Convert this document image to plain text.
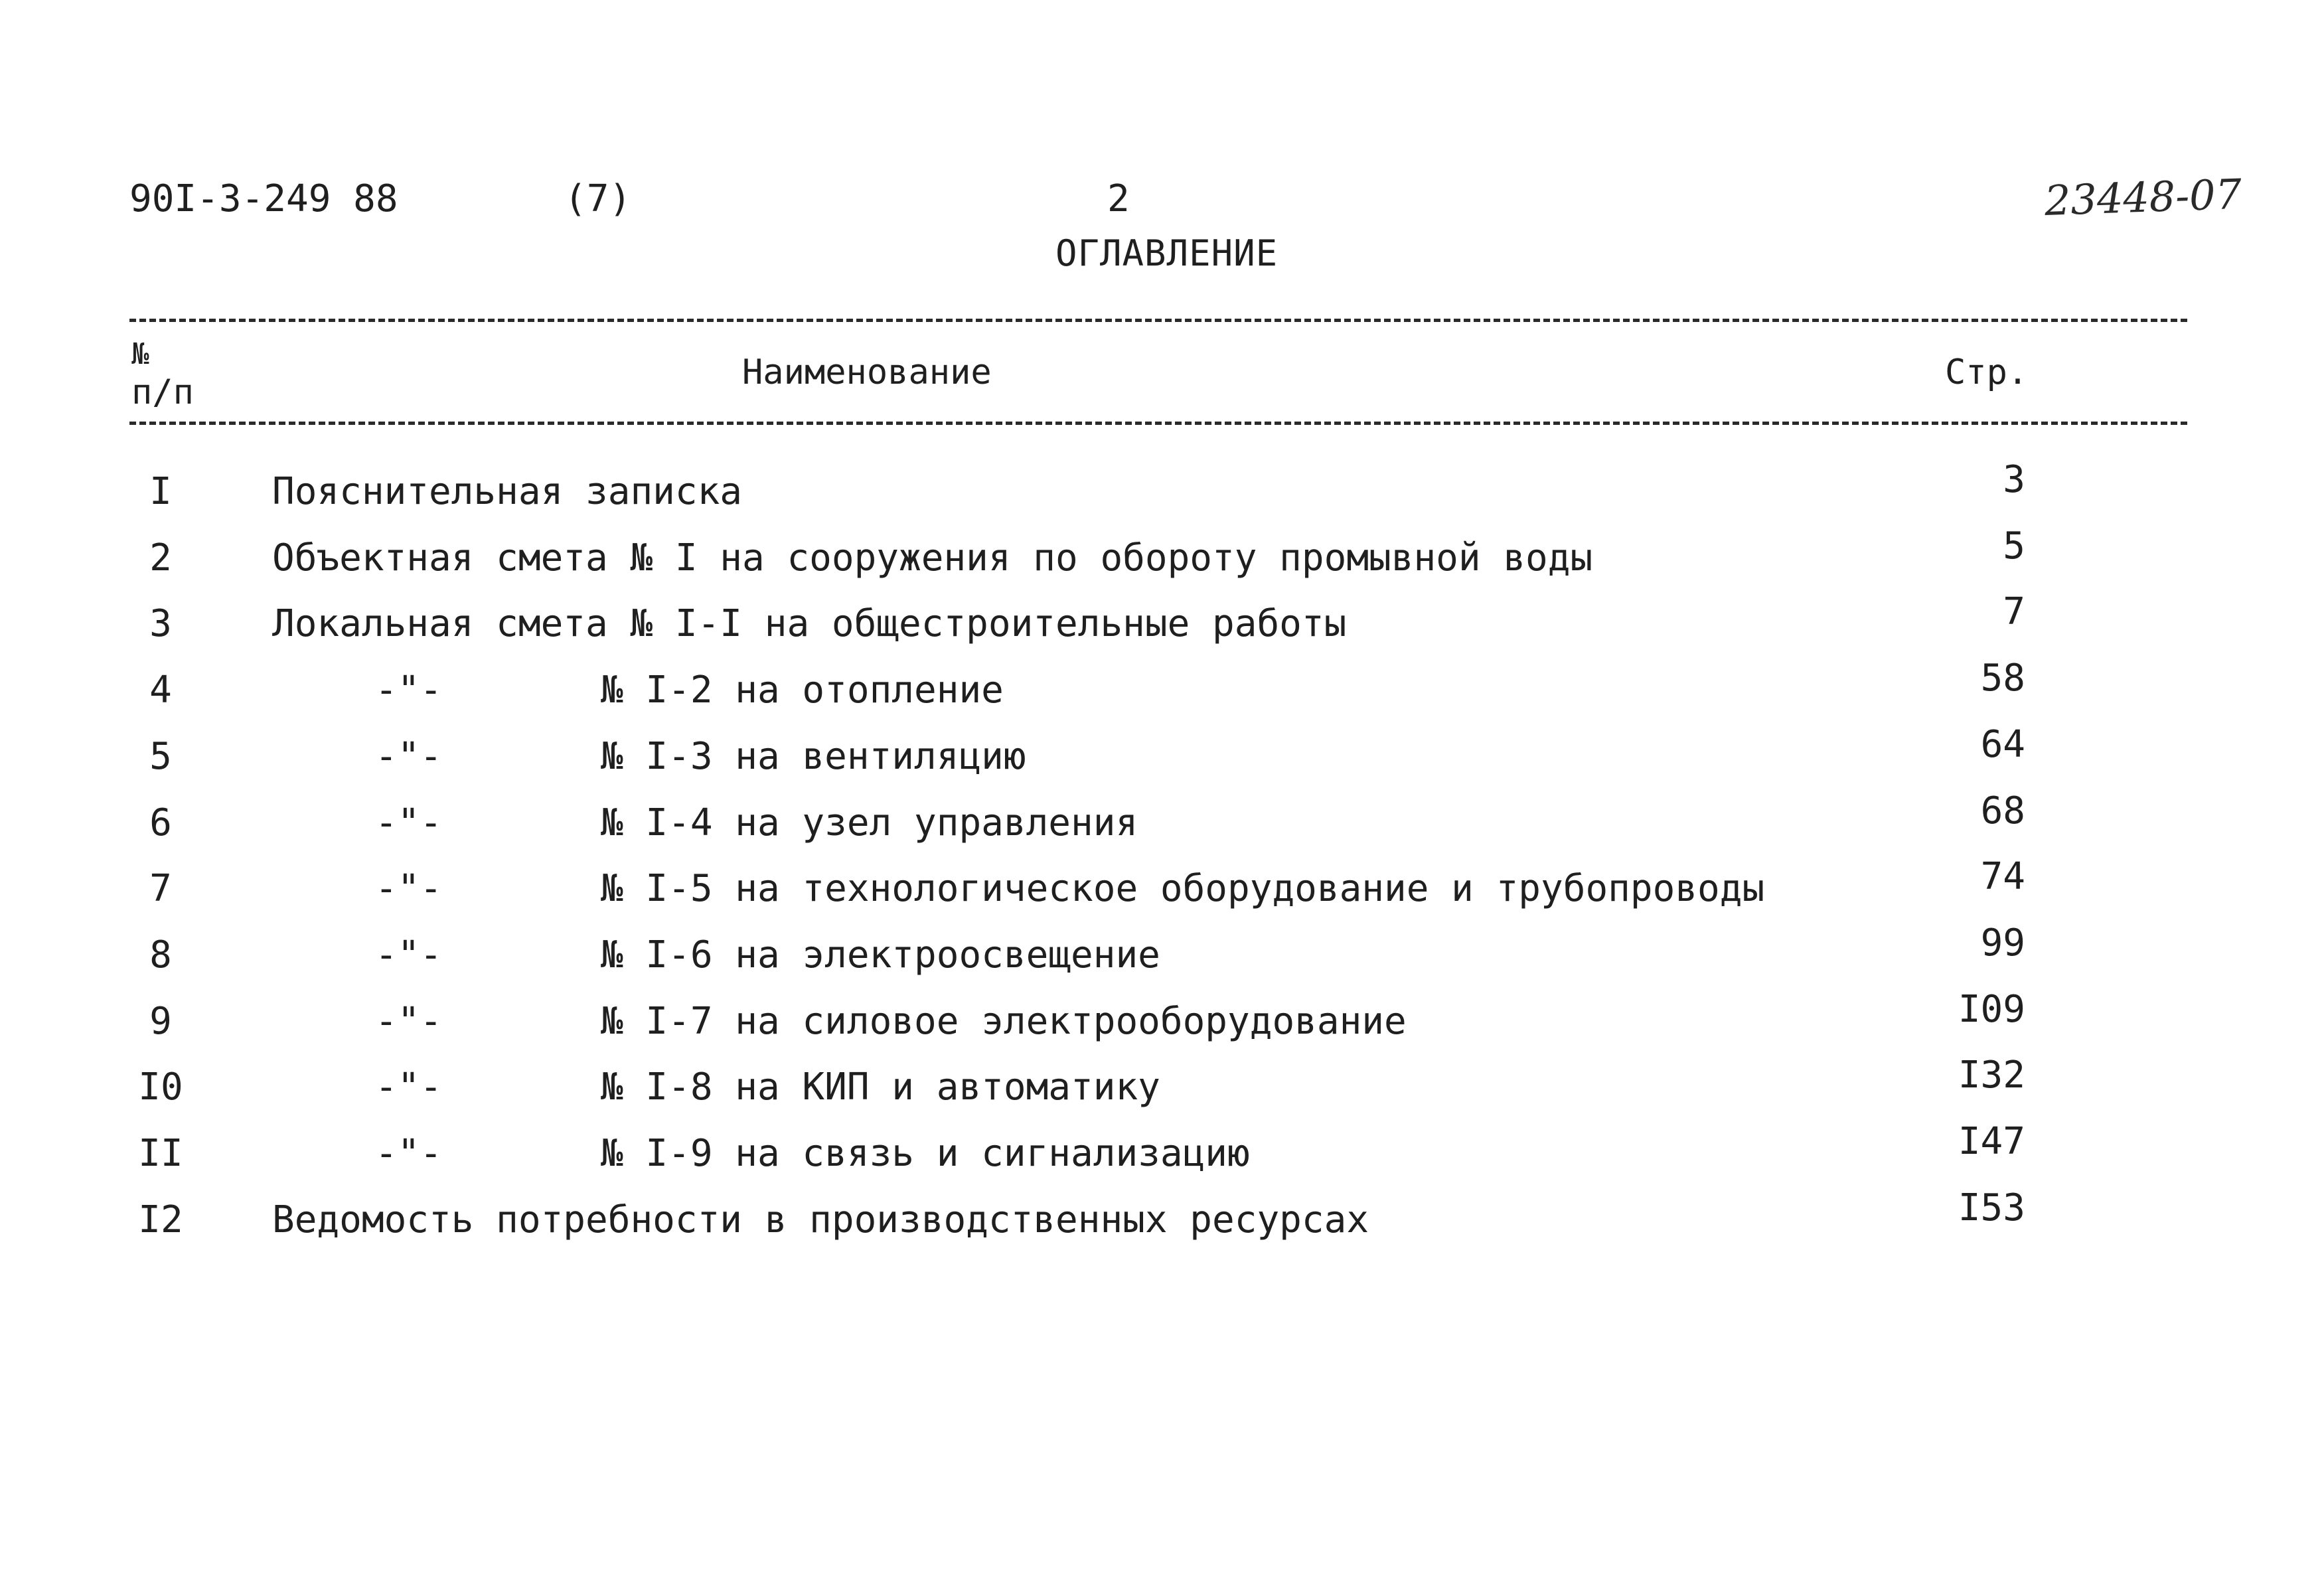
90I-3-249 88	(7)	2	23448-07
ОГЛАВЛЕНИЕ
№
п/п	Наименование	Стр.
I	Пояснительная записка	3
2	Объектная смета № I на сооружения по обороту промывной воды	5
3	Локальная смета № I-I на общестроительные работы	7
4	-"-	№ I-2 на отопление	58
5	-"-	№ I-3 на вентиляцию	64
6	-"-	№ I-4 на узел управления	68
7	-"-	№ I-5 на технологическое оборудование и трубопроводы	74
8	-"-	№ I-6 на электроосвещение	99
9	-"-	№ I-7 на силовое электрооборудование	I09
I0	-"-	№ I-8 на КИП и автоматику	I32
II	-"-	№ I-9 на связь и сигнализацию	I47
I2	Ведомость потребности в производственных ресурсах	I53
